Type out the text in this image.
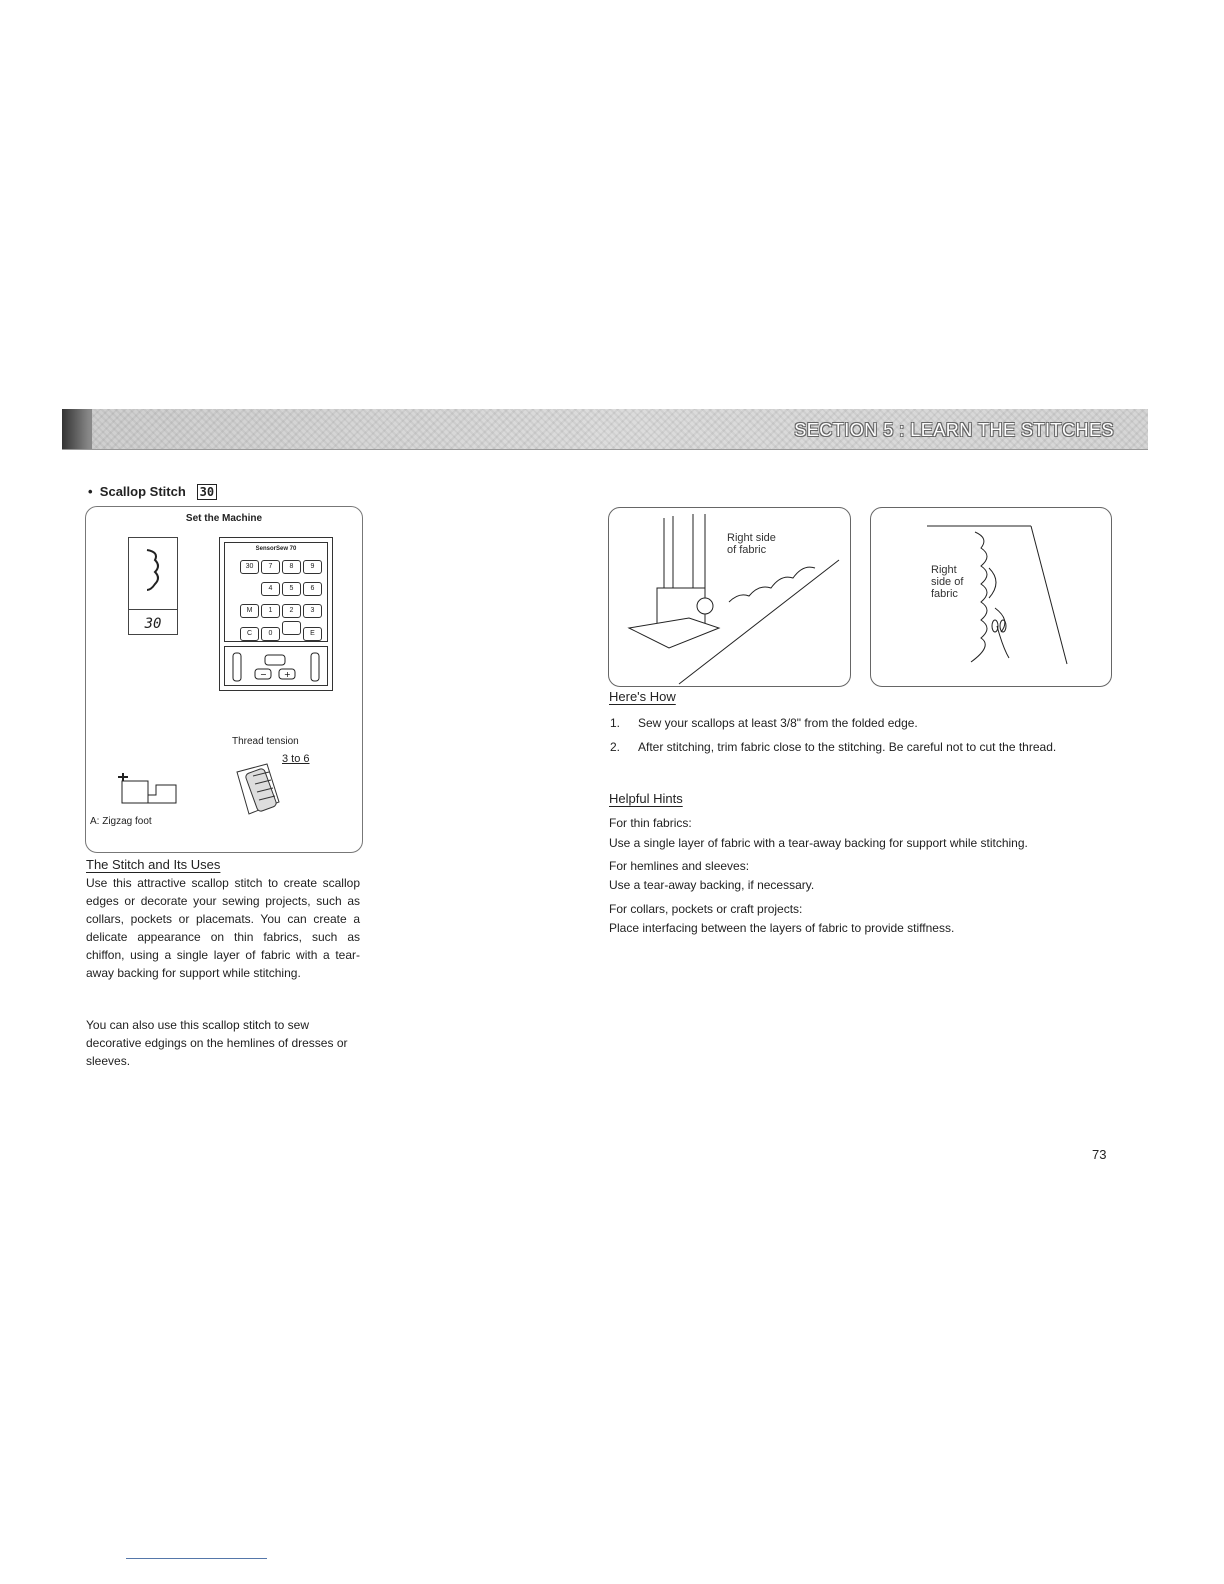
SECTION 5 : LEARN THE STITCHES
• Scallop Stitch 30
Set the Machine
30
SensorSew 70
30 7 8 9
4 5 6
M 1 2 3
C 0	E
− +
Thread tension
3 to 6
A: Zigzag foot
The Stitch and Its Uses

Use this attractive scallop stitch to create scallop edges or decorate your sewing projects, such as collars, pockets or placemats. You can create a delicate appearance on thin fabrics, such as chiffon, using a single layer of fabric with a tear-away backing for support while stitching.

You can also use this scallop stitch to sew decorative edgings on the hemlines of dresses or sleeves.

Right side
of fabric
Right
side of
fabric
Here's How
1. Sew your scallops at least 3/8" from the folded edge.
2. After stitching, trim fabric close to the stitching. Be careful not to cut the thread.
Helpful Hints
For thin fabrics:
Use a single layer of fabric with a tear-away backing for support while stitching.
For hemlines and sleeves:
Use a tear-away backing, if necessary.
For collars, pockets or craft projects:
Place interfacing between the layers of fabric to provide stiffness.
73
